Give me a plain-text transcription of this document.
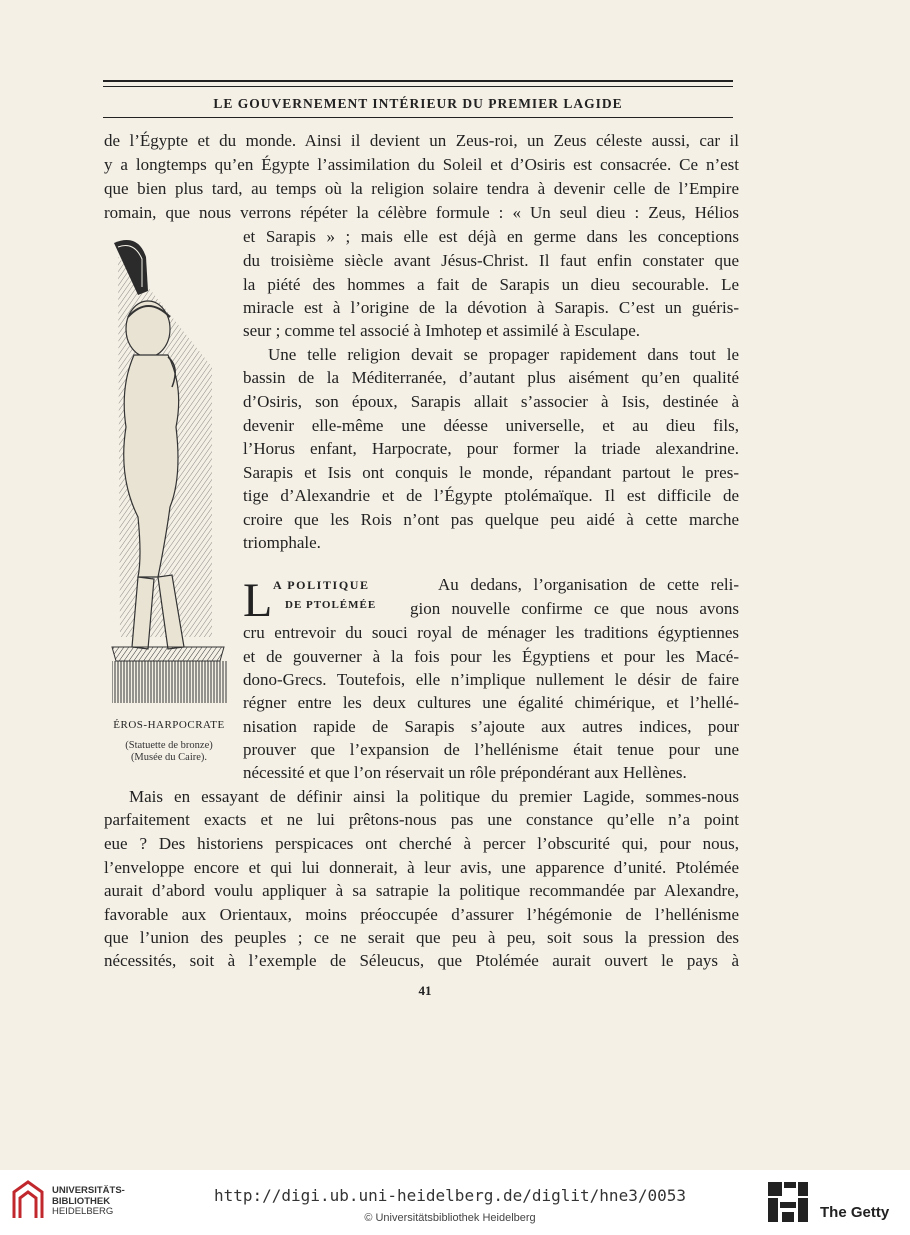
LE GOUVERNEMENT INTÉRIEUR DU PREMIER LAGIDE
de l’Égypte et du monde. Ainsi il devient un Zeus-roi, un Zeus céleste aussi, car il
y a longtemps qu’en Égypte l’assimilation du Soleil et d’Osiris est consacrée. Ce n’est
que bien plus tard, au temps où la religion solaire tendra à devenir celle de l’Empire
romain, que nous verrons répéter la célèbre formule : « Un seul dieu : Zeus, Hélios
et Sarapis » ; mais elle est déjà en germe dans les conceptions
du troisième siècle avant Jésus-Christ. Il faut enfin constater que
la piété des hommes a fait de Sarapis un dieu secourable. Le
miracle est à l’origine de la dévotion à Sarapis. C’est un guéris-
seur ; comme tel associé à Imhotep et assimilé à Esculape.
Une telle religion devait se propager rapidement dans tout le
bassin de la Méditerranée, d’autant plus aisément qu’en qualité
d’Osiris, son époux, Sarapis allait s’associer à Isis, destinée à
devenir elle-même une déesse universelle, et au dieu fils,
l’Horus enfant, Harpocrate, pour former la triade alexandrine.
Sarapis et Isis ont conquis le monde, répandant partout le pres-
tige d’Alexandrie et de l’Égypte ptolémaïque. Il est difficile de
croire que les Rois n’ont pas quelque peu aidé à cette marche
triomphale.
L A POLITIQUE
DE PTOLÉMÉE
Au dedans, l’organisation de cette reli-
gion nouvelle confirme ce que nous avons
cru entrevoir du souci royal de ménager les traditions égyptiennes
et de gouverner à la fois pour les Égyptiens et pour les Macé-
dono-Grecs. Toutefois, elle n’implique nullement le désir de faire
régner entre les deux cultures une égalité chimérique, et l’hellé-
nisation rapide de Sarapis s’ajoute aux autres indices, pour
prouver que l’expansion de l’hellénisme était tenue pour une
nécessité et que l’on réservait un rôle prépondérant aux Hellènes.
Mais en essayant de définir ainsi la politique du premier Lagide, sommes-nous
parfaitement exacts et ne lui prêtons-nous pas une constance qu’elle n’a point
eue ? Des historiens perspicaces ont cherché à percer l’obscurité qui, pour nous,
l’enveloppe encore et qui lui donnerait, à leur avis, une apparence d’unité. Ptolémée
aurait d’abord voulu appliquer à sa satrapie la politique recommandée par Alexandre,
favorable aux Orientaux, moins préoccupée d’assurer l’hégémonie de l’hellénisme
que l’union des peuples ; ce ne serait que peu à peu, soit sous la pression des
nécessités, soit à l’exemple de Séleucus, que Ptolémée aurait ouvert le pays à
ÉROS-HARPOCRATE
(Statuette de bronze)
(Musée du Caire).
41
UNIVERSITÄTS-
BIBLIOTHEK
HEIDELBERG
http://digi.ub.uni-heidelberg.de/diglit/hne3/0053
© Universitätsbibliothek Heidelberg	The Getty
